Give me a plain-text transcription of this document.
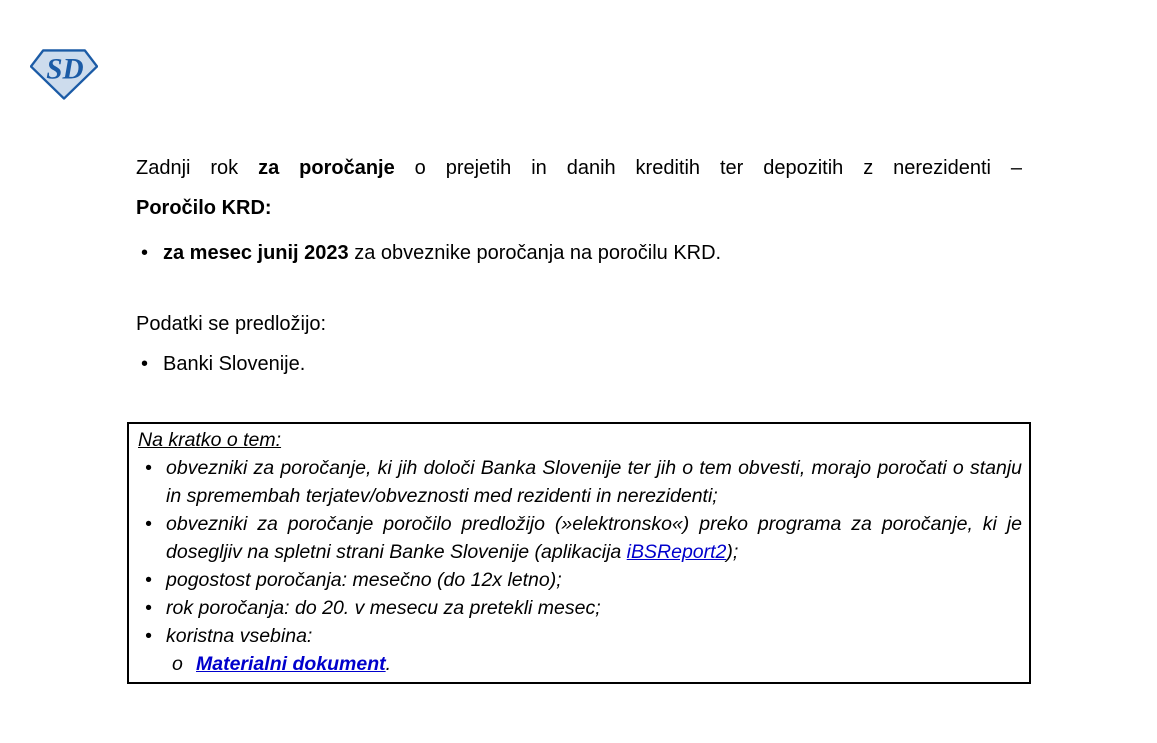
SD
Zadnji rok za poročanje o prejetih in danih kreditih ter depozitih z nerezidenti –
Poročilo KRD:
• za mesec junij 2023 za obveznike poročanja na poročilu KRD.
Podatki se predložijo:
• Banki Slovenije.
Na kratko o tem:
• obvezniki za poročanje, ki jih določi Banka Slovenije ter jih o tem obvesti, morajo poročati o stanju in spremembah terjatev/obveznosti med rezidenti in nerezidenti;
• obvezniki za poročanje poročilo predložijo (»elektronsko«) preko programa za poročanje, ki je dosegljiv na spletni strani Banke Slovenije (aplikacija iBSReport2);
• pogostost poročanja: mesečno (do 12x letno);
• rok poročanja: do 20. v mesecu za pretekli mesec;
• koristna vsebina:
o Materialni dokument.
